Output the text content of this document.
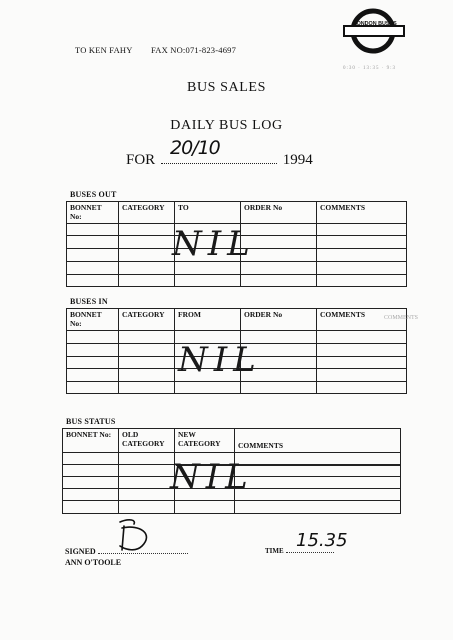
TO KEN FAHY FAX NO:071-823-4697
LONDON BUSES
0:30 · 13:35 · 9:3
BUS SALES
DAILY BUS LOG
FOR	1994
20/10
BUSES OUT
BONNET No:	CATEGORY	TO	ORDER No	COMMENTS

NIL
BUSES IN
BONNET No:	CATEGORY	FROM	ORDER No	COMMENTS

NIL
COMMENTS
BUS STATUS
BONNET No:	OLD CATEGORY	NEW CATEGORY	COMMENTS

NIL
SIGNED
ANN O'TOOLE
TIME 15.35
